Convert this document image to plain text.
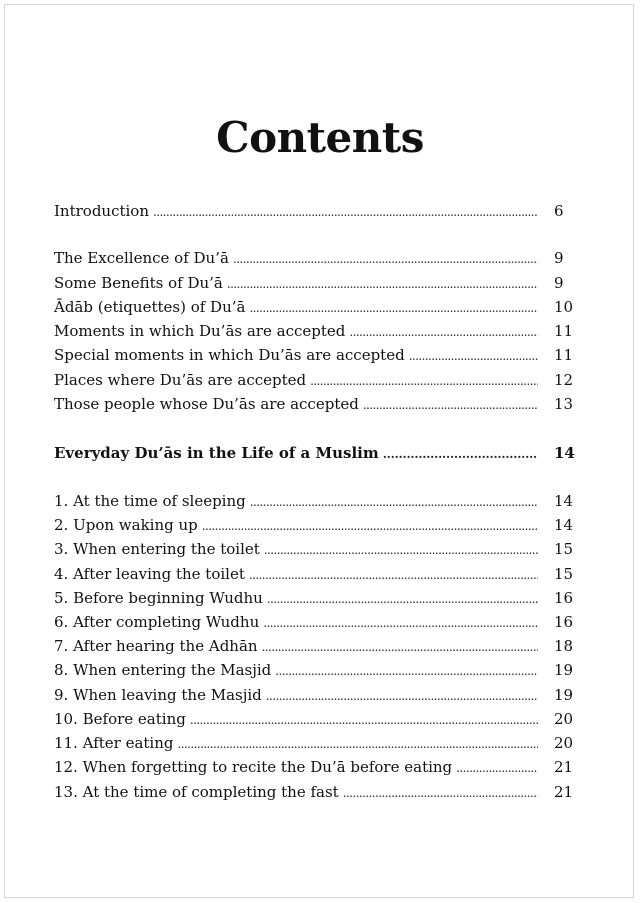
Contents
Introduction . . .	6
The Excellence of Du’ā . . .	9
Some Benefits of Du’ā . . .	9
Ādāb (etiquettes) of Du’ā . . .	10
Moments in which Du’ās are accepted . . .	11
Special moments in which Du’ās are accepted . . .	11
Places where Du’ās are accepted . . .	12
Those people whose Du’ās are accepted . . .	13
Everyday Du’ās in the Life of a Muslim . . .	14
1. At the time of sleeping . . .	14
2. Upon waking up . . .	14
3. When entering the toilet . . .	15
4. After leaving the toilet . . .	15
5. Before beginning Wudhu . . .	16
6. After completing Wudhu . . .	16
7. After hearing the Adhān . . .	18
8. When entering the Masjid . . .	19
9. When leaving the Masjid . . .	19
10. Before eating . . .	20
11. After eating . . .	20
12. When forgetting to recite the Du’ā before eating . . .	21
13. At the time of completing the fast . . .	21
